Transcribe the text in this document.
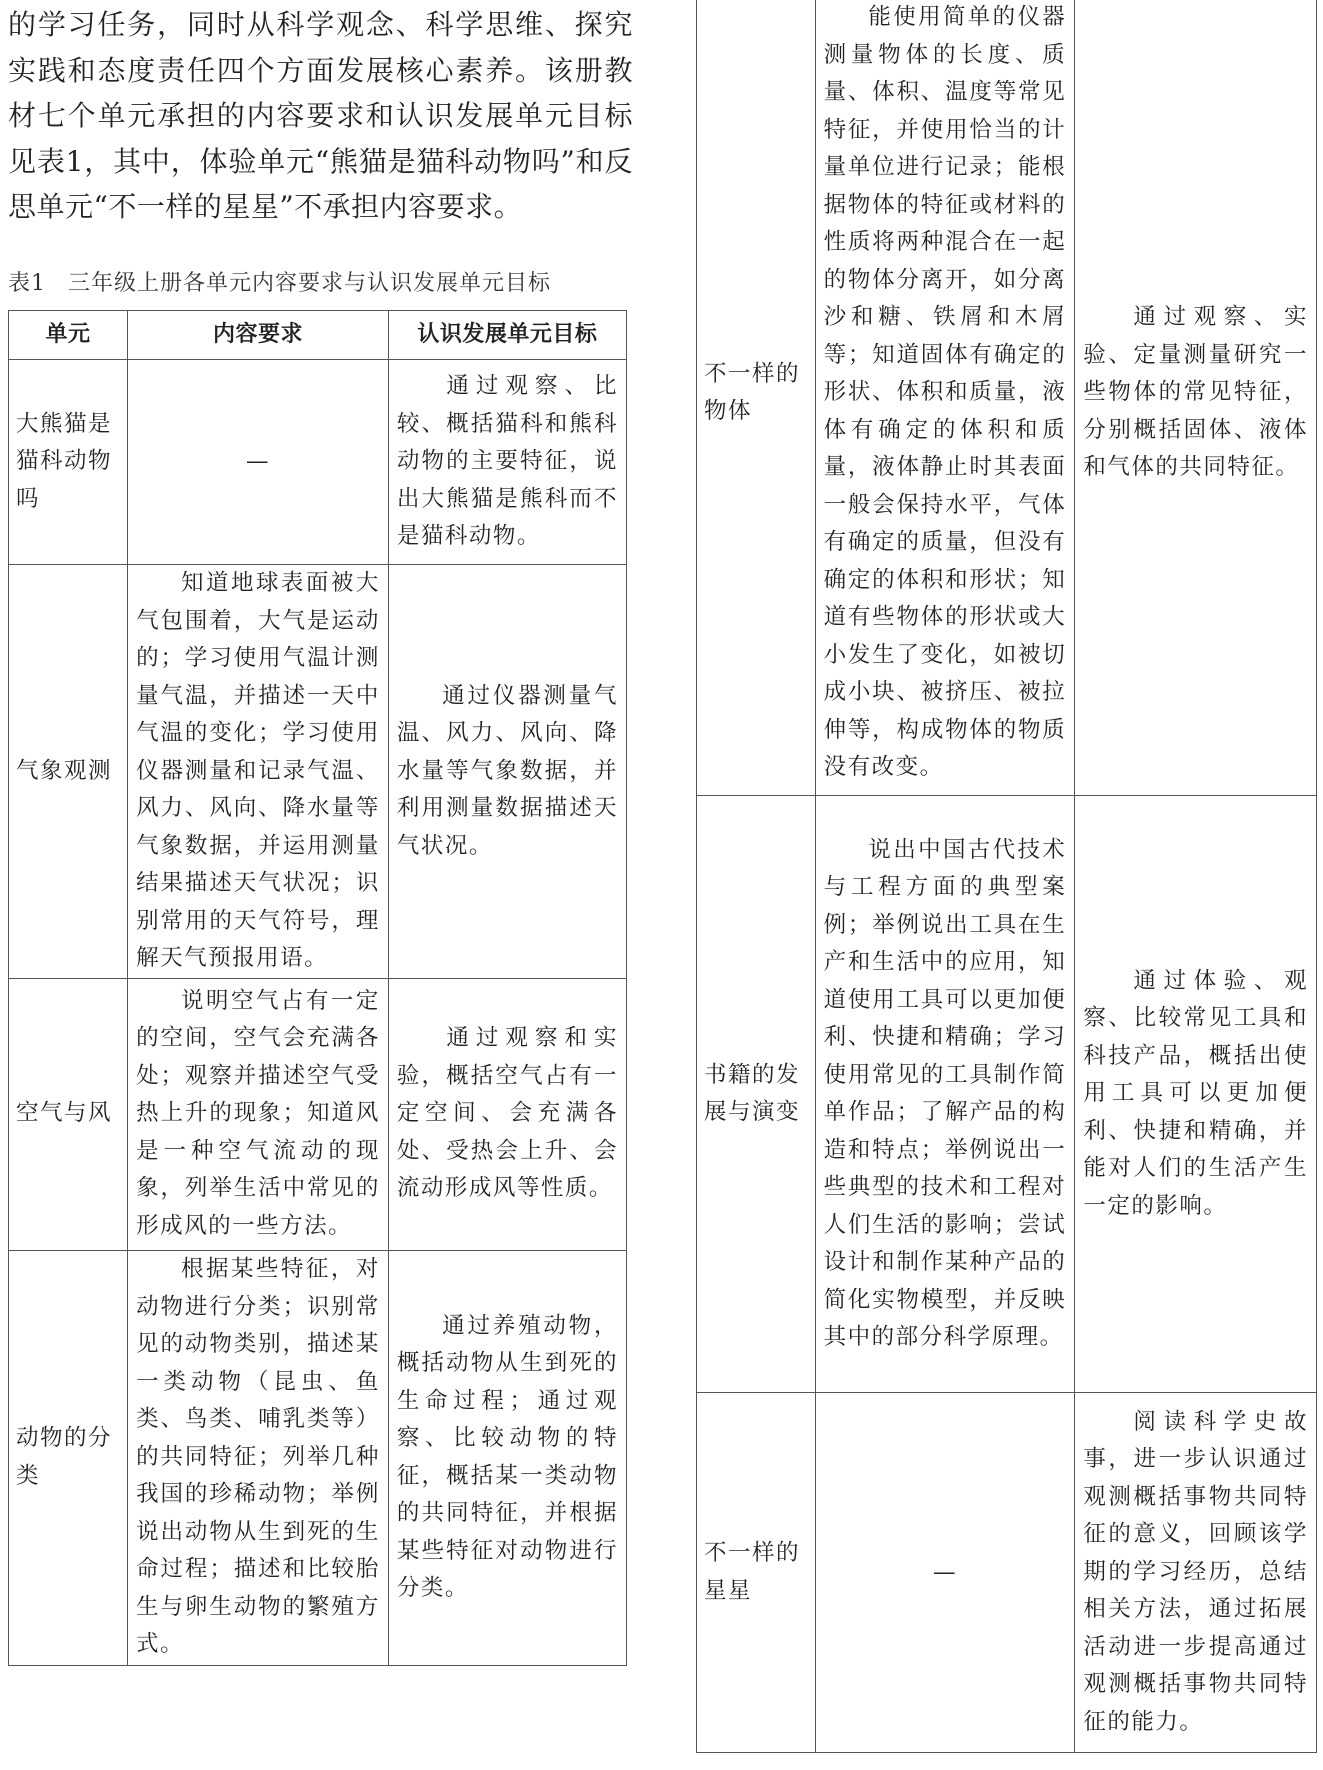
的学习任务，同时从科学观念、科学思维、探究实践和态度责任四个方面发展核心素养。该册教材七个单元承担的内容要求和认识发展单元目标见表1，其中，体验单元“熊猫是猫科动物吗”和反思单元“不一样的星星”不承担内容要求。

表1 三年级上册各单元内容要求与认识发展单元目标
单元	内容要求	认识发展单元目标
大熊猫是猫科动物吗	—	通过观察、比较、概括猫科和熊科动物的主要特征，说出大熊猫是熊科而不是猫科动物。
气象观测	知道地球表面被大气包围着，大气是运动的；学习使用气温计测量气温，并描述一天中气温的变化；学习使用仪器测量和记录气温、风力、风向、降水量等气象数据，并运用测量结果描述天气状况；识别常用的天气符号，理解天气预报用语。	通过仪器测量气温、风力、风向、降水量等气象数据，并利用测量数据描述天气状况。
空气与风	说明空气占有一定的空间，空气会充满各处；观察并描述空气受热上升的现象；知道风是一种空气流动的现象，列举生活中常见的形成风的一些方法。	通过观察和实验，概括空气占有一定空间、会充满各处、受热会上升、会流动形成风等性质。
动物的分类	根据某些特征，对动物进行分类；识别常见的动物类别，描述某一类动物（昆虫、鱼类、鸟类、哺乳类等）的共同特征；列举几种我国的珍稀动物；举例说出动物从生到死的生命过程；描述和比较胎生与卵生动物的繁殖方式。	通过养殖动物，概括动物从生到死的生命过程；通过观察、比较动物的特征，概括某一类动物的共同特征，并根据某些特征对动物进行分类。
不一样的物体	能使用简单的仪器测量物体的长度、质量、体积、温度等常见特征，并使用恰当的计量单位进行记录；能根据物体的特征或材料的性质将两种混合在一起的物体分离开，如分离沙和糖、铁屑和木屑等；知道固体有确定的形状、体积和质量，液体有确定的体积和质量，液体静止时其表面一般会保持水平，气体有确定的质量，但没有确定的体积和形状；知道有些物体的形状或大小发生了变化，如被切成小块、被挤压、被拉伸等，构成物体的物质没有改变。	通过观察、实验、定量测量研究一些物体的常见特征，分别概括固体、液体和气体的共同特征。
书籍的发展与演变	说出中国古代技术与工程方面的典型案例；举例说出工具在生产和生活中的应用，知道使用工具可以更加便利、快捷和精确；学习使用常见的工具制作简单作品；了解产品的构造和特点；举例说出一些典型的技术和工程对人们生活的影响；尝试设计和制作某种产品的简化实物模型，并反映其中的部分科学原理。	通过体验、观察、比较常见工具和科技产品，概括出使用工具可以更加便利、快捷和精确，并能对人们的生活产生一定的影响。
不一样的星星	—	阅读科学史故事，进一步认识通过观测概括事物共同特征的意义，回顾该学期的学习经历，总结相关方法，通过拓展活动进一步提高通过观测概括事物共同特征的能力。
